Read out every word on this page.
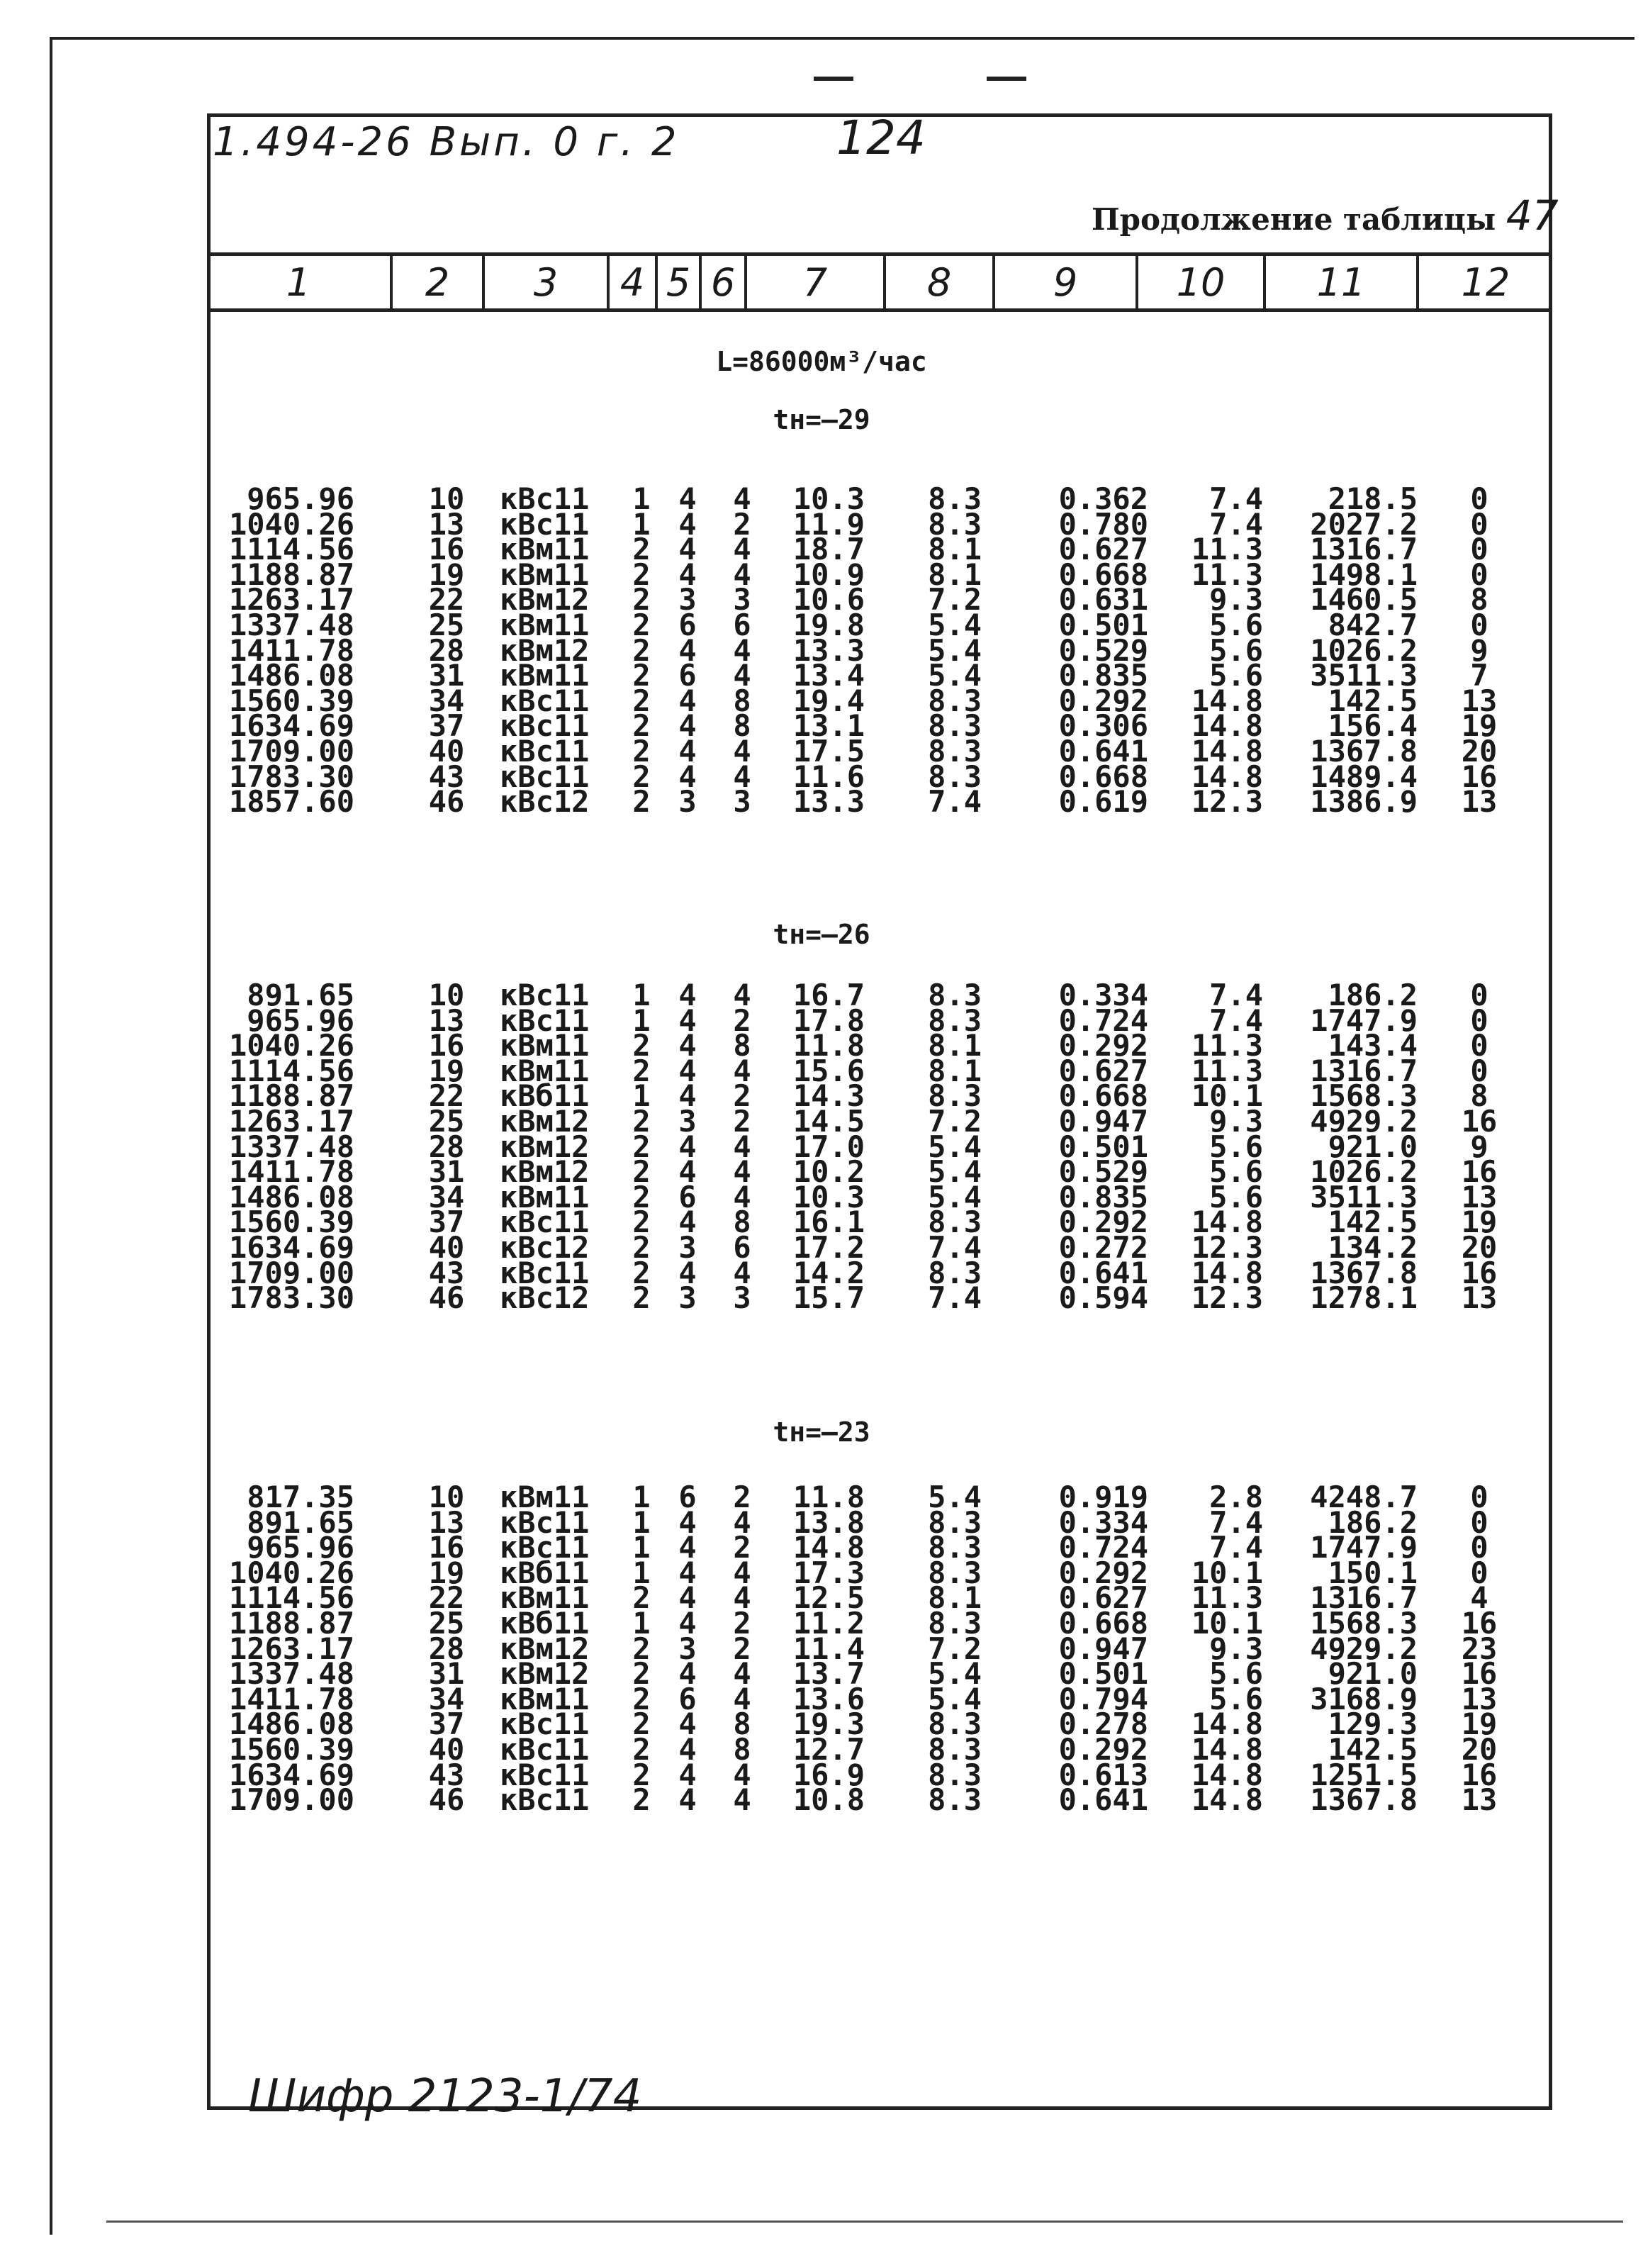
1.494-26 Вып. 0 г. 2	124
Продолжение таблицы 47
1	2	3	4 5 6	7	8	9	10	11	12
L=86000м³/час
tн=—29
965.96	10	кВс11	1 4 4	10.3	8.3	0.362	7.4	218.5	0
1040.26	13	кВс11	1 4 2	11.9	8.3	0.780	7.4	2027.2	0
1114.56	16	кВм11	2 4 4	18.7	8.1	0.627	11.3	1316.7	0
1188.87	19	кВм11	2 4 4	10.9	8.1	0.668	11.3	1498.1	0
1263.17	22	кВм12	2 3 3	10.6	7.2	0.631	9.3	1460.5	8
1337.48	25	кВм11	2 6 6	19.8	5.4	0.501	5.6	842.7	0
1411.78	28	кВм12	2 4 4	13.3	5.4	0.529	5.6	1026.2	9
1486.08	31	кВм11	2 6 4	13.4	5.4	0.835	5.6	3511.3	7
1560.39	34	кВс11	2 4 8	19.4	8.3	0.292	14.8	142.5 13
1634.69	37	кВс11	2 4 8	13.1	8.3	0.306	14.8	156.4 19
1709.00	40	кВс11	2 4 4	17.5	8.3	0.641	14.8	1367.8 20
1783.30	43	кВс11	2 4 4	11.6	8.3	0.668	14.8	1489.4 16
1857.60	46	кВс12	2 3 3	13.3	7.4	0.619	12.3	1386.9 13
tн=—26
891.65	10	кВс11	1 4 4	16.7	8.3	0.334	7.4	186.2	0
965.96	13	кВс11	1 4 2	17.8	8.3	0.724	7.4	1747.9	0
1040.26	16	кВм11	2 4 8	11.8	8.1	0.292	11.3	143.4	0
1114.56	19	кВм11	2 4 4	15.6	8.1	0.627	11.3	1316.7	0
1188.87	22	кВб11	1 4 2	14.3	8.3	0.668	10.1	1568.3	8
1263.17	25	кВм12	2 3 2	14.5	7.2	0.947	9.3	4929.2 16
1337.48	28	кВм12	2 4 4	17.0	5.4	0.501	5.6	921.0	9
1411.78	31	кВм12	2 4 4	10.2	5.4	0.529	5.6	1026.2 16
1486.08	34	кВм11	2 6 4	10.3	5.4	0.835	5.6	3511.3 13
1560.39	37	кВс11	2 4 8	16.1	8.3	0.292	14.8	142.5 19
1634.69	40	кВс12	2 3 6	17.2	7.4	0.272	12.3	134.2 20
1709.00	43	кВс11	2 4 4	14.2	8.3	0.641	14.8	1367.8 16
1783.30	46	кВс12	2 3 3	15.7	7.4	0.594	12.3	1278.1 13
tн=—23
817.35	10	кВм11	1 6 2	11.8	5.4	0.919	2.8	4248.7	0
891.65	13	кВс11	1 4 4	13.8	8.3	0.334	7.4	186.2	0
965.96	16	кВс11	1 4 2	14.8	8.3	0.724	7.4	1747.9	0
1040.26	19	кВб11	1 4 4	17.3	8.3	0.292	10.1	150.1	0
1114.56	22	кВм11	2 4 4	12.5	8.1	0.627	11.3	1316.7	4
1188.87	25	кВб11	1 4 2	11.2	8.3	0.668	10.1	1568.3 16
1263.17	28	кВм12	2 3 2	11.4	7.2	0.947	9.3	4929.2 23
1337.48	31	кВм12	2 4 4	13.7	5.4	0.501	5.6	921.0 16
1411.78	34	кВм11	2 6 4	13.6	5.4	0.794	5.6	3168.9 13
1486.08	37	кВс11	2 4 8	19.3	8.3	0.278	14.8	129.3 19
1560.39	40	кВс11	2 4 8	12.7	8.3	0.292	14.8	142.5 20
1634.69	43	кВс11	2 4 4	16.9	8.3	0.613	14.8	1251.5 16
1709.00	46	кВс11	2 4 4	10.8	8.3	0.641	14.8	1367.8 13
Шифр 2123-1/74
